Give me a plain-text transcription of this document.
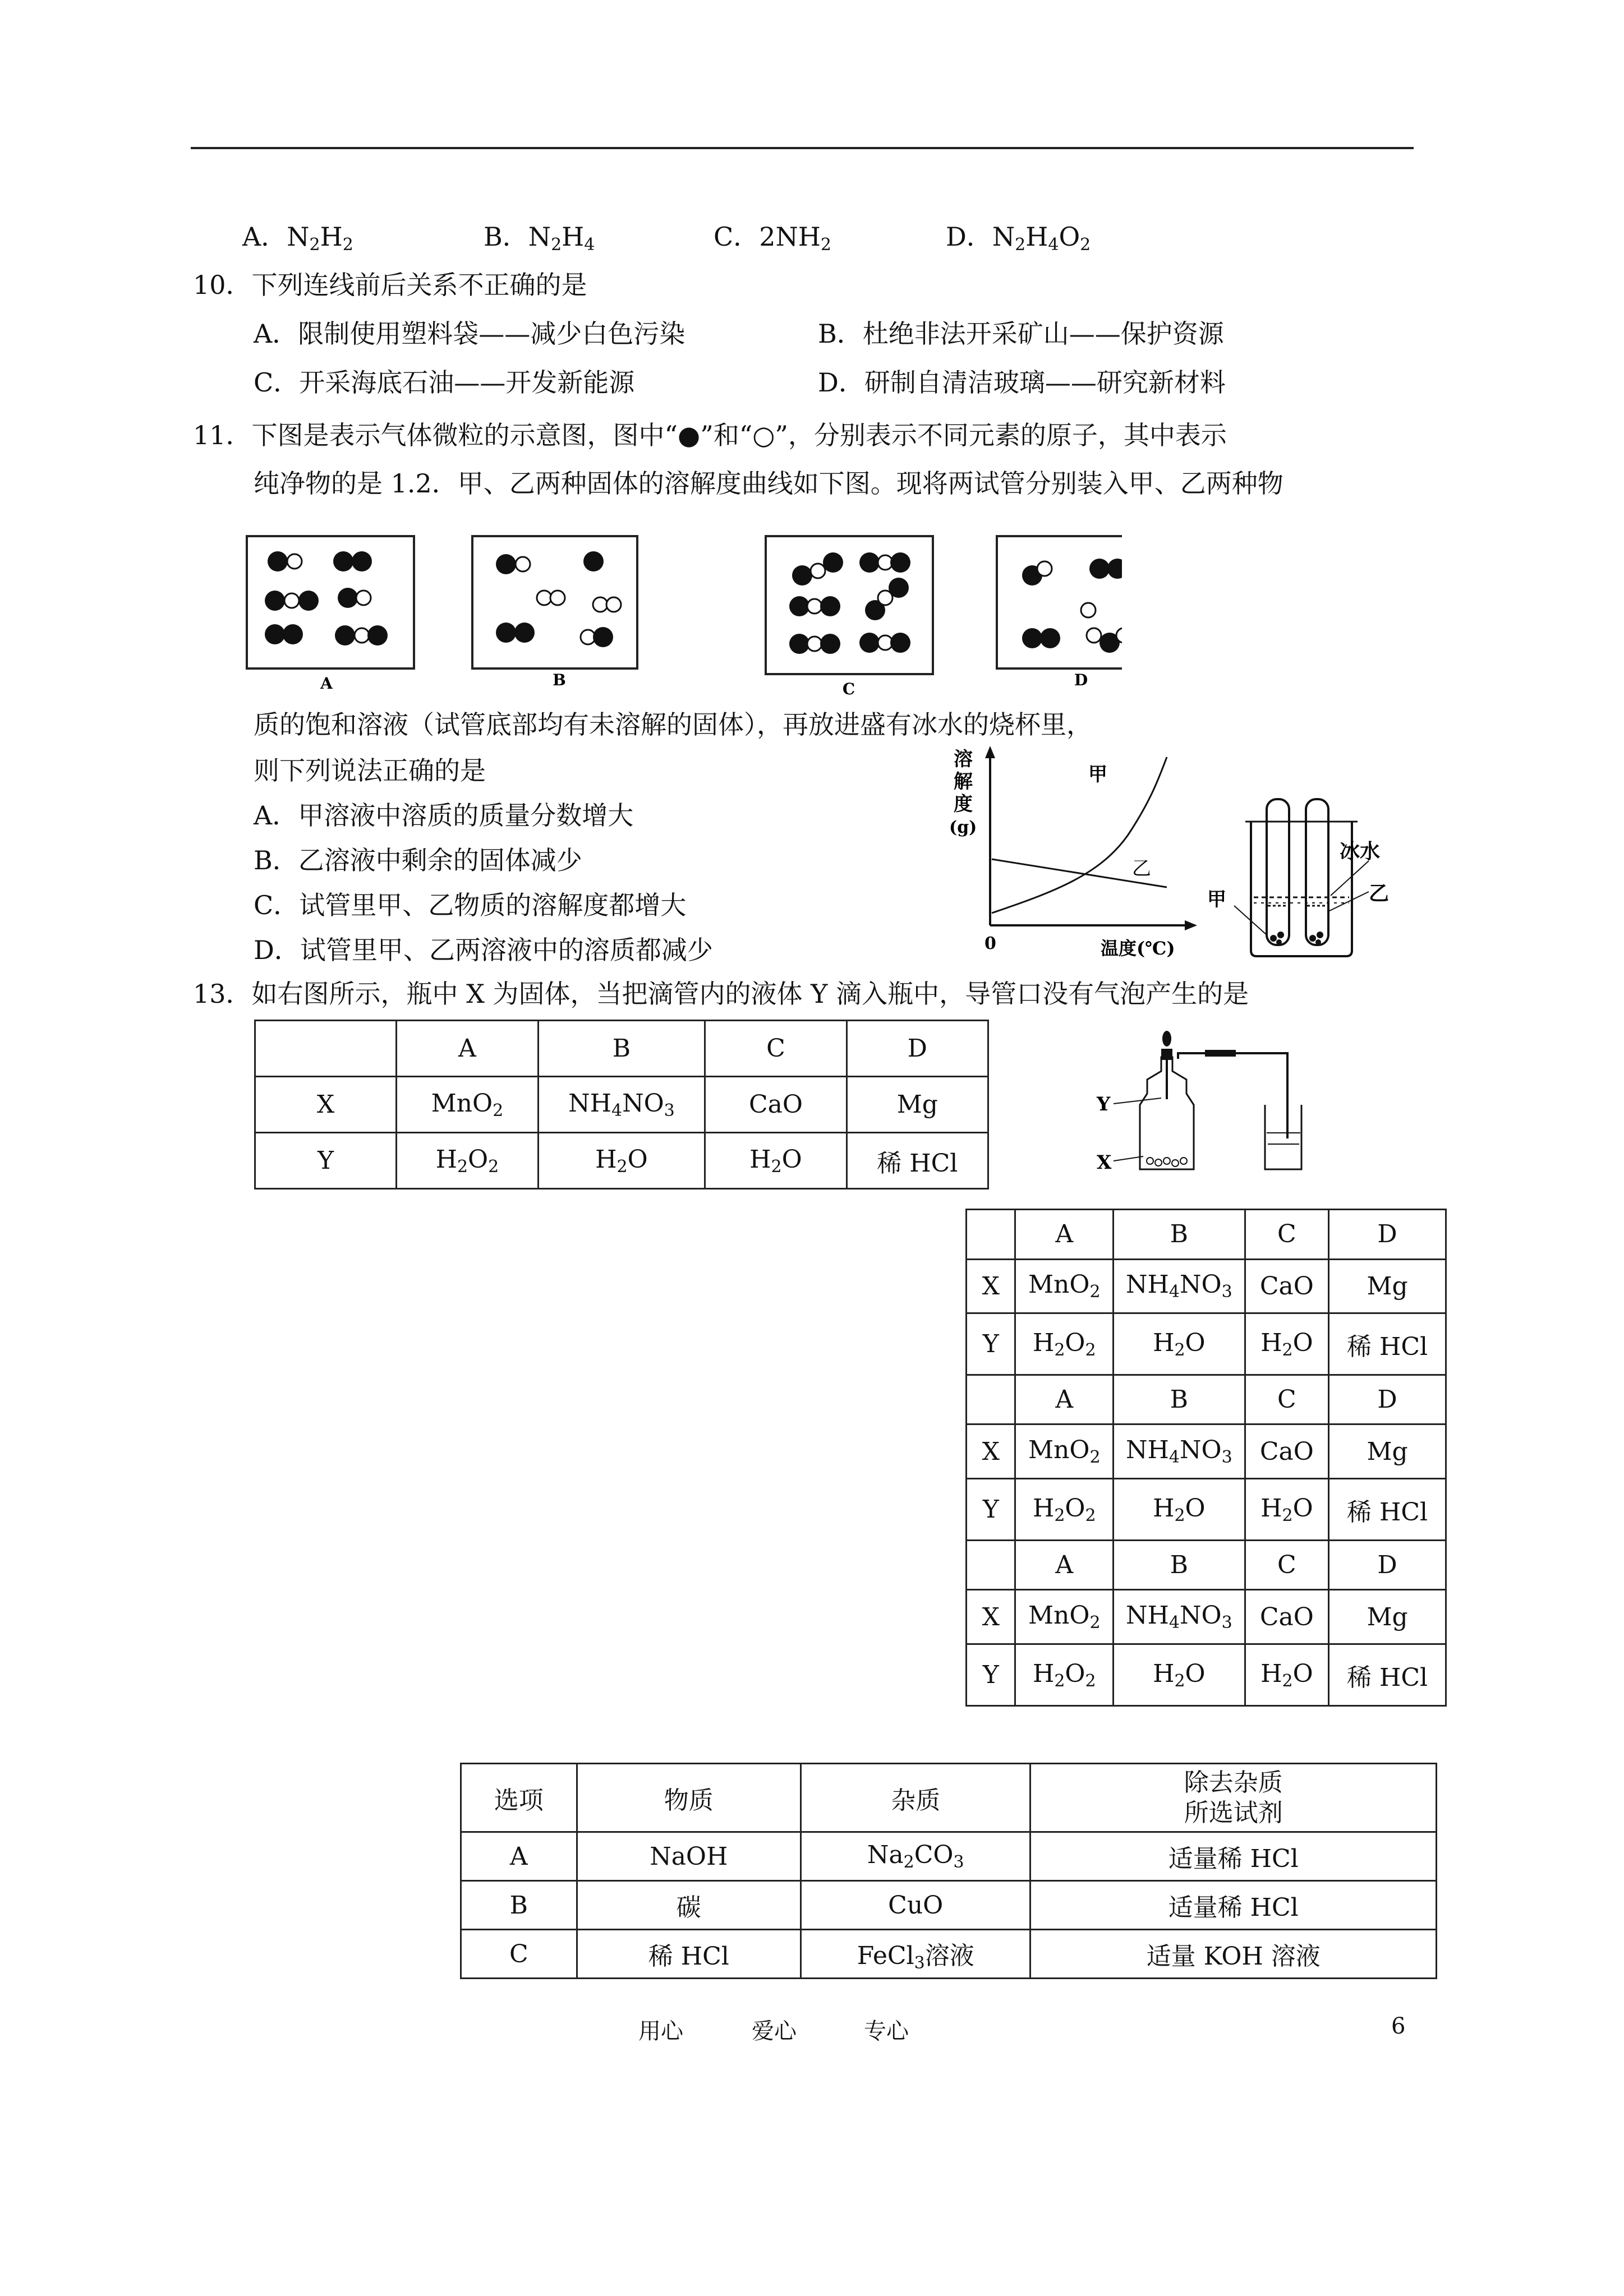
A．$N_2H_2$	B．$N_2H_4$	C．$2NH_2$	D．$N_2H_4O_2$
10．下列连线前后关系不正确的是
A．限制使用塑料袋——减少白色污染	B．杜绝非法开采矿山——保护资源
C．开采海底石油——开发新能源	D．研制自清洁玻璃——研究新材料
11．下图是表示气体微粒的示意图，图中“●”和“○”，分别表示不同元素的原子，其中表示
纯净物的是 1.2．甲、乙两种固体的溶解度曲线如下图。现将两试管分别装入甲、乙两种物
A	B	C	D
质的饱和溶液（试管底部均有未溶解的固体），再放进盛有冰水的烧杯里，
则下列说法正确的是
A．甲溶液中溶质的质量分数增大
B．乙溶液中剩余的固体减少
C．试管里甲、乙物质的溶解度都增大
D．试管里甲、乙两溶液中的溶质都减少
溶
解
度
(g)
甲
乙
0	温度(℃)
冰水
乙
甲
13．如右图所示，瓶中 X 为固体，当把滴管内的液体 Y 滴入瓶中，导管口没有气泡产生的是
	A	B	C	D
X	MnO$_2$	$NH_4NO_3$	CaO	Mg
Y	$H_2O_2$	$H_2O$	$H_2O$	稀 HCl
Y
X
	A	B	C	D
X	MnO$_2$	$NH_4NO_3$	CaO	Mg
Y	$H_2O_2$	$H_2O$	$H_2O$	稀 HCl
	A	B	C	D
X	MnO$_2$	$NH_4NO_3$	CaO	Mg
Y	$H_2O_2$	$H_2O$	$H_2O$	稀 HCl
	A	B	C	D
X	MnO$_2$	$NH_4NO_3$	CaO	Mg
Y	$H_2O_2$	$H_2O$	$H_2O$	稀 HCl
选项	物质	杂质	除去杂质
所选试剂

A	NaOH	$Na_2CO_3$	适量稀 HCl
B	碳	CuO	适量稀 HCl
C	稀 HCl	FeCl$_3$溶液	适量 KOH 溶液
用心	爱心	专心	6
